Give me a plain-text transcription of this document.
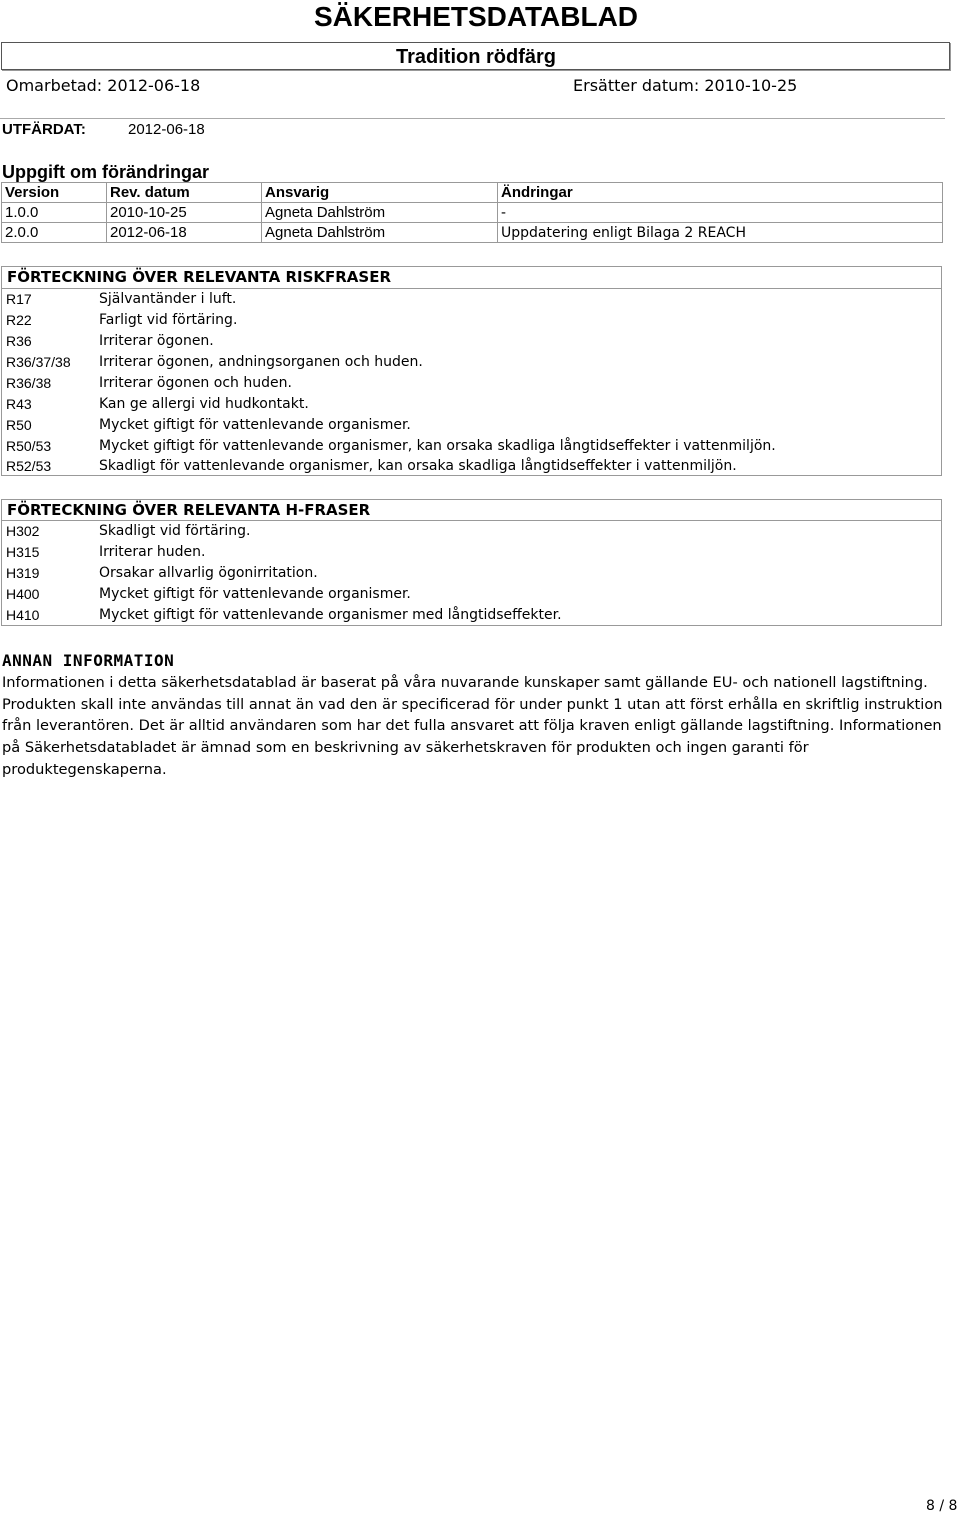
SÄKERHETSDATABLAD
Tradition rödfärg
Omarbetad: 2012-06-18	Ersätter datum: 2010-10-25
UTFÄRDAT:	2012-06-18
Uppgift om förändringar
Version	Rev. datum	Ansvarig	Ändringar
1.0.0	2010-10-25	Agneta Dahlström	-
2.0.0	2012-06-18	Agneta Dahlström	Uppdatering enligt Bilaga 2 REACH
FÖRTECKNING ÖVER RELEVANTA RISKFRASER
R17	Självantänder i luft.
R22	Farligt vid förtäring.
R36	Irriterar ögonen.
R36/37/38 Irriterar ögonen, andningsorganen och huden.
R36/38	Irriterar ögonen och huden.
R43	Kan ge allergi vid hudkontakt.
R50	Mycket giftigt för vattenlevande organismer.
R50/53	Mycket giftigt för vattenlevande organismer, kan orsaka skadliga långtidseffekter i vattenmiljön.
R52/53	Skadligt för vattenlevande organismer, kan orsaka skadliga långtidseffekter i vattenmiljön.
FÖRTECKNING ÖVER RELEVANTA H-FRASER
H302	Skadligt vid förtäring.
H315	Irriterar huden.
H319	Orsakar allvarlig ögonirritation.
H400	Mycket giftigt för vattenlevande organismer.
H410	Mycket giftigt för vattenlevande organismer med långtidseffekter.
ANNAN INFORMATION
Informationen i detta säkerhetsdatablad är baserat på våra nuvarande kunskaper samt gällande EU- och nationell lagstiftning. Produkten skall inte användas till annat än vad den är specificerad för under punkt 1 utan att först erhålla en skriftlig instruktion från leverantören. Det är alltid användaren som har det fulla ansvaret att följa kraven enligt gällande lagstiftning. Informationen på Säkerhetsdatabladet är ämnad som en beskrivning av säkerhetskraven för produkten och ingen garanti för produktegenskaperna.
8 / 8
